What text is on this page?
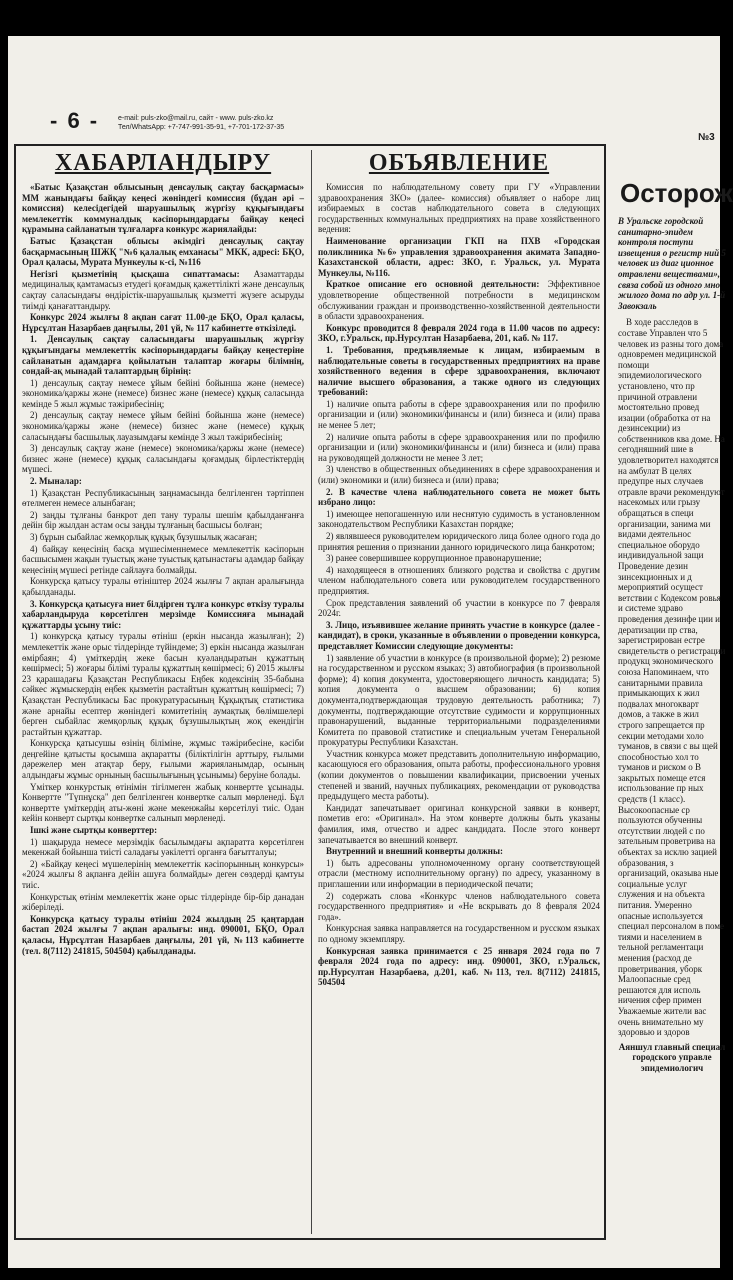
- 6 -	e-mail: puls-zko@mail.ru, сайт - www. puls-zko.kz
Тел/WhatsApp: +7-747-991-35-91, +7-701-172-37-35
№3
ХАБАРЛАНДЫРУ

«Батыс Қазақстан облысының денсаулық сақтау басқармасы» ММ жанындағы байқау кеңесі жөніндегі комиссия (бұдан әрі – комиссия) келесідегідей шаруашылық жүргізу құқығындағы мемлекеттік коммуналдық кәсіпорындардағы байқау кеңесі құрамына сайланатын тұлғаларға конкурс жариялайды:

Батыс Қазақстан облысы әкімдігі денсаулық сақтау басқармасының ШЖҚ "№6 қалалық емханасы" МКК, адресі: БҚО, Орал қаласы, Мурата Мункеулы к-сі, №116

Негізгі қызметінің қысқаша сипаттамасы: Азаматтарды медициналық қамтамасыз етудегі қоғамдық қажеттілікті және денсаулық сақтау саласындағы өндірістік-шаруашылық қызметті жүзеге асыруды тиімді қанағаттандыру.

Конкурс 2024 жылғы 8 ақпан сағат 11.00-де БҚО, Орал қаласы, Нұрсұлтан Назарбаев даңғылы, 201 үй, № 117 кабинетте өткізіледі.

1. Денсаулық сақтау саласындағы шаруашылық жүргізу құқығындағы мемлекеттік кәсіпорындардағы байқау кеңестеріне сайланатын адамдарға қойылатын талаптар жоғары білімнің, сондай-ақ мынадай талаптардың бірінің:

1) денсаулық сақтау немесе ұйым бейіні бойынша және (немесе) экономика/қаржы және (немесе) бизнес және (немесе) құқық саласында кемінде 5 жыл жұмыс тәжірибесінің;

2) денсаулық сақтау немесе ұйым бейіні бойынша және (немесе) экономика/қаржы және (немесе) бизнес және (немесе) құқық саласындағы басшылық лауазымдағы кемінде 3 жыл тәжірибесінің;

3) денсаулық сақтау және (немесе) экономика/қаржы және (немесе) бизнес және (немесе) құқық саласындағы қоғамдық бірлестіктердің мүшесі.

2. Мыналар:

1) Қазақстан Республикасының заңнамасында белгіленген тәртіппен өтелмеген немесе алынбаған;

2) заңды тұлғаны банкрот деп тану туралы шешім қабылданғанға дейін бір жылдан астам осы заңды тұлғаның басшысы болған;

3) бұрын сыбайлас жемқорлық құқық бұзушылық жасаған;

4) байқау кеңесінің басқа мүшесіменнемесе мемлекеттік кәсіпорын басшысымен жақын туыстық және туыстық қатынастағы адамдар байқау кеңесінің мүшесі ретінде сайлауға болмайды.

Конкурсқа қатысу туралы өтініштер 2024 жылғы 7 ақпан аралығында қабылданады.

3. Конкурсқа қатысуға ниет білдірген тұлға конкурс өткізу туралы хабарландыруда көрсетілген мерзімде Комиссияға мынадай құжаттарды ұсыну тиіс:

1) конкурсқа қатысу туралы өтініш (еркін нысанда жазылған); 2) мемлекеттік және орыс тілдерінде түйіндеме; 3) еркін нысанда жазылған өмірбаян; 4) үміткердің жеке басын куәландыратын құжаттың көшірмесі; 5) жоғары білімі туралы құжаттың көшірмесі; 6) 2015 жылғы 23 қарашадағы Қазақстан Республикасы Еңбек кодексінің 35-бабына сәйкес жұмыскердің еңбек қызметін растайтын құжаттың көшірмесі; 7) Қазақстан Республикасы Бас прокуратурасының Құқықтық статистика және арнайы есептер жөніндегі комитетінің аумақтық бөлімшелері берген сыбайлас жемқорлық құқық бұзушылықтың жоқ екендігін растайтын құжаттар.

Конкурсқа қатысушы өзінің біліміне, жұмыс тәжірибесіне, кәсіби деңгейіне қатысты қосымша ақпаратты (біліктілігін арттыру, ғылыми дәрежелер мен атақтар беру, ғылыми жарияланымдар, осының алдындағы жұмыс орнының басшылығының ұсынымы) беруіне болады.

Үміткер конкурстық өтінімін тігілмеген жабық конвертте ұсынады. Конвертте "Түпнұсқа" деп белгіленген конвертке салып мөрленеді. Бұл конвертте үміткердің аты-жөні және мекенжайы көрсетілуі тиіс. Одан кейін конверт сыртқы конвертке салынып мөрленеді.

Ішкі және сыртқы конверттер:

1) шақыруда немесе мерзімдік басылымдағы ақпаратта көрсетілген мекенжай бойынша тиісті саладағы уәкілетті органға бағытталуы;

2) «Байқау кеңесі мүшелерінің мемлекеттік кәсіпорынның конкурсы» «2024 жылғы 8 ақпанға дейін ашуға болмайды» деген сөздерді қамтуы тиіс.

Конкурстық өтінім мемлекеттік және орыс тілдерінде бір-бір данадан жіберіледі.

Конкурсқа қатысу туралы өтініш 2024 жылдың 25 қаңтардан бастап 2024 жылғы 7 ақпан аралығы: инд. 090001, БҚО, Орал қаласы, Нұрсұлтан Назарбаев даңғылы, 201 үй, №113 кабинетте (тел. 8(7112) 241815, 504504) қабылданады.

ОБЪЯВЛЕНИЕ

Комиссия по наблюдательному совету при ГУ «Управлении здравоохранения ЗКО» (далее- комиссия) объявляет о наборе лиц избираемых в состав наблюдательного совета в следующих государственных коммунальных предприятиях на праве хозяйственного ведения:

Наименование организации ГКП на ПХВ «Городская поликлиника №6» управления здравоохранения акимата Западно-Казахстанской области, адрес: ЗКО, г. Уральск, ул. Мурата Мункеулы, №116.

Краткое описание его основной деятельности: Эффективное удовлетворение общественной потребности в медицинском обслуживании граждан и производственно-хозяйственной деятельности в области здравоохранения.

Конкурс проводится 8 февраля 2024 года в 11.00 часов по адресу: ЗКО, г.Уральск, пр.Нурсултан Назарбаева, 201, каб. № 117.

1. Требования, предъявляемые к лицам, избираемым в наблюдательные советы в государственных предприятиях на праве хозяйственного ведения в сфере здравоохранения, включают наличие высшего образования, а также одного из следующих требований:

1) наличие опыта работы в сфере здравоохранения или по профилю организации и (или) экономики/финансы и (или) бизнеса и (или) права не менее 5 лет;

2) наличие опыта работы в сфере здравоохранения или по профилю организации и (или) экономики/финансы и (или) бизнеса и (или) права на руководящей должности не менее 3 лет;

3) членство в общественных объединениях в сфере здравоохранения и (или) экономики и (или) бизнеса и (или) права;

2. В качестве члена наблюдательного совета не может быть избрано лицо:

1) имеющее непогашенную или неснятую судимость в установленном законодательством Республики Казахстан порядке;

2) являвшееся руководителем юридического лица более одного года до принятия решения о признании данного юридического лица банкротом;

3) ранее совершившее коррупционное правонарушение;

4) находящееся в отношениях близкого родства и свойства с другим членом наблюдательного совета или руководителем государственного предприятия.

Срок представления заявлений об участии в конкурсе по 7 февраля 2024г.

3. Лицо, изъявившее желание принять участие в конкурсе (далее - кандидат), в сроки, указанные в объявлении о проведении конкурса, представляет Комиссии следующие документы:

1) заявление об участии в конкурсе (в произвольной форме); 2) резюме на государственном и русском языках; 3) автобиография (в произвольной форме); 4) копия документа, удостоверяющего личность кандидата; 5) копия документа о высшем образовании; 6) копия документа,подтверждающая трудовую деятельность работника; 7) документы, подтверждающие отсутствие судимости и коррупционных правонарушений, выданные территориальными подразделениями Комитета по правовой статистике и специальным учетам Генеральной прокуратуры Республики Казахстан.

Участник конкурса может представить дополнительную информацию, касающуюся его образования, опыта работы, профессионального уровня (копии документов о повышении квалификации, присвоении ученых степеней и званий, научных публикациях, рекомендации от руководства предыдущего места работы).

Кандидат запечатывает оригинал конкурсной заявки в конверт, пометив его: «Оригинал». На этом конверте должны быть указаны фамилия, имя, отчество и адрес кандидата. После этого конверт запечатывается во внешний конверт.

Внутренний и внешний конверты должны:

1) быть адресованы уполномоченному органу соответствующей отрасли (местному исполнительному органу) по адресу, указанному в приглашении или информации в периодической печати;

2) содержать слова «Конкурс членов наблюдательного совета государственного предприятия» и «Не вскрывать до 8 февраля 2024 года».

Конкурсная заявка направляется на государственном и русском языках по одному экземпляру.

Конкурсная заявка принимается с 25 января 2024 года по 7 февраля 2024 года по адресу: инд. 090001, ЗКО, г.Уральск, пр.Нурсултан Назарбаева, д.201, каб. №113, тел. 8(7112) 241815, 504504

Осторож
В Уральске городской санитарно-эпидем контроля поступи извещения о регистр ний 5 человек из диаг ционное отравлени веществами», связа собой из одного мно жилого дома по адр ул. 1-й Завокзаль
В ходе расследов в составе Управлен что 5 человек из разны того дома одновремен медицинской помощи эпидемиологического установлено, что пр причиной отравлени мостоятельно провед изации (обработка от на дезинсекции) из собственников ква доме. На сегодняшний шие в удовлетворител находятся на амбулат В целях предупре ных случаев отравле врачи рекомендуют насекомых или грызу обращаться в специ организации, занима ми видами деятельнос специальное оборудо индивидуальной защи Проведение дезин зинсекционных и д мероприятий осущест ветствии с Кодексом ровья и системе здраво проведения дезинфе ции и дератизации пр ства, зарегистрирован естре свидетельств о регистрации продукц экономического союза Напоминаем, что санитарными правила примыкающих к жил подвалах многокварт домов, а также в жил строго запрещается пр секции методами холо туманов, в связи с вы щей способностью хол то туманов и риском о В закрытых помеще ется использование пр ных средств (1 класс). Высокоопасные ср пользуются обученны отсутствии людей с по зательным проветрива на объектах за исклю зацией образования, з организаций, оказыва ные социальные услуг служения и на объекта питания. Умеренно опасные используется специал персоналом в поме тиями и населением в тельной регламентаци менения (расход де проветривания, уборк Малоопасные сред решаются для исполь ничения сфер примен Уважаемые жители вас очень внимательно му здоровью и здоров
Аяншул главный специал городского управле эпидемиологич
